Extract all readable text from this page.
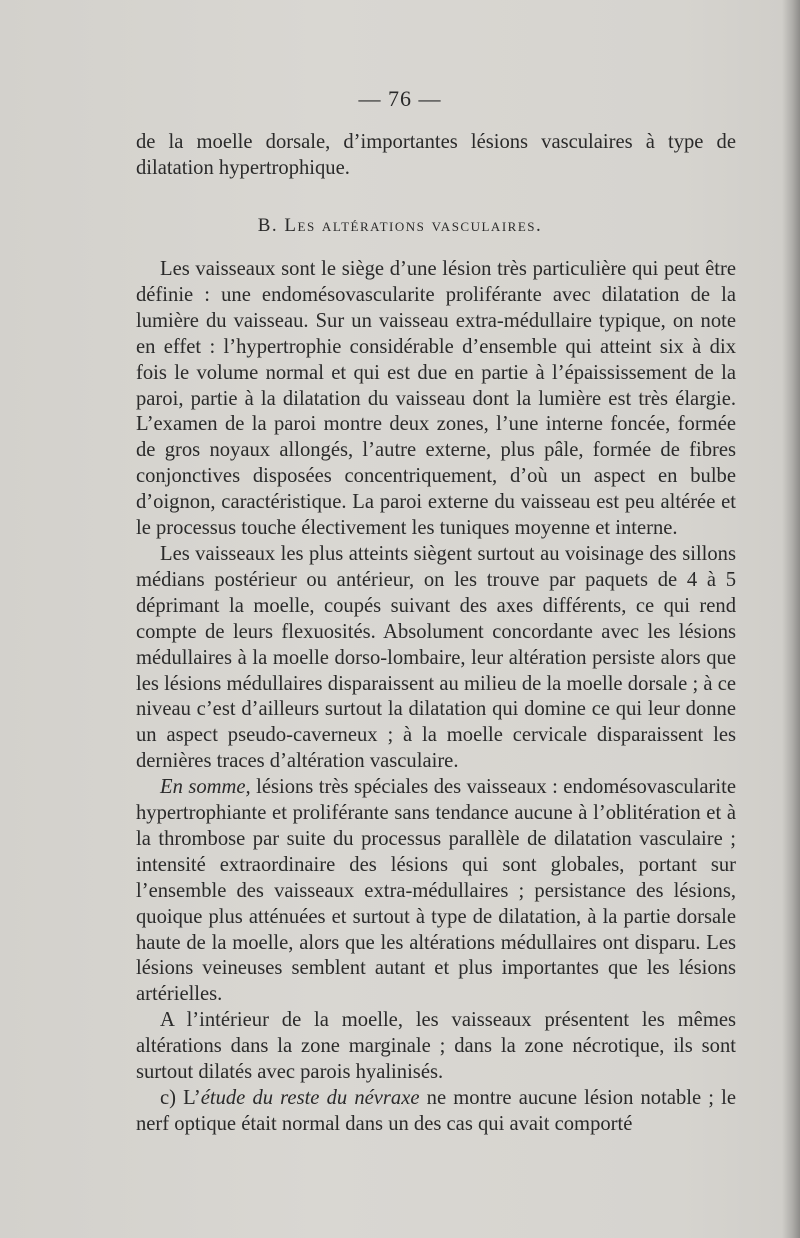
— 76 —

de la moelle dorsale, d’importantes lésions vasculaires à type de dilatation hypertrophique.

B. Les altérations vasculaires.

Les vaisseaux sont le siège d’une lésion très particulière qui peut être définie : une endomésovascularite proliférante avec dilatation de la lumière du vaisseau. Sur un vaisseau extra-médullaire typique, on note en effet : l’hypertrophie considérable d’ensemble qui atteint six à dix fois le volume normal et qui est due en partie à l’épaississement de la paroi, partie à la dilatation du vaisseau dont la lumière est très élargie. L’examen de la paroi montre deux zones, l’une interne foncée, formée de gros noyaux allongés, l’autre externe, plus pâle, formée de fibres conjonctives disposées concentriquement, d’où un aspect en bulbe d’oignon, caractéristique. La paroi externe du vaisseau est peu altérée et le processus touche électivement les tuniques moyenne et interne.

Les vaisseaux les plus atteints siègent surtout au voisinage des sillons médians postérieur ou antérieur, on les trouve par paquets de 4 à 5 déprimant la moelle, coupés suivant des axes différents, ce qui rend compte de leurs flexuosités. Absolument concordante avec les lésions médullaires à la moelle dorso-lombaire, leur altération persiste alors que les lésions médullaires disparaissent au milieu de la moelle dorsale ; à ce niveau c’est d’ailleurs surtout la dilatation qui domine ce qui leur donne un aspect pseudo-caverneux ; à la moelle cervicale disparaissent les dernières traces d’altération vasculaire.

En somme, lésions très spéciales des vaisseaux : endomésovascularite hypertrophiante et proliférante sans tendance aucune à l’oblitération et à la thrombose par suite du processus parallèle de dilatation vasculaire ; intensité extraordinaire des lésions qui sont globales, portant sur l’ensemble des vaisseaux extra-médullaires ; persistance des lésions, quoique plus atténuées et surtout à type de dilatation, à la partie dorsale haute de la moelle, alors que les altérations médullaires ont disparu. Les lésions veineuses semblent autant et plus importantes que les lésions artérielles.

A l’intérieur de la moelle, les vaisseaux présentent les mêmes altérations dans la zone marginale ; dans la zone nécrotique, ils sont surtout dilatés avec parois hyalinisés.

c) L’étude du reste du névraxe ne montre aucune lésion notable ; le nerf optique était normal dans un des cas qui avait comporté
